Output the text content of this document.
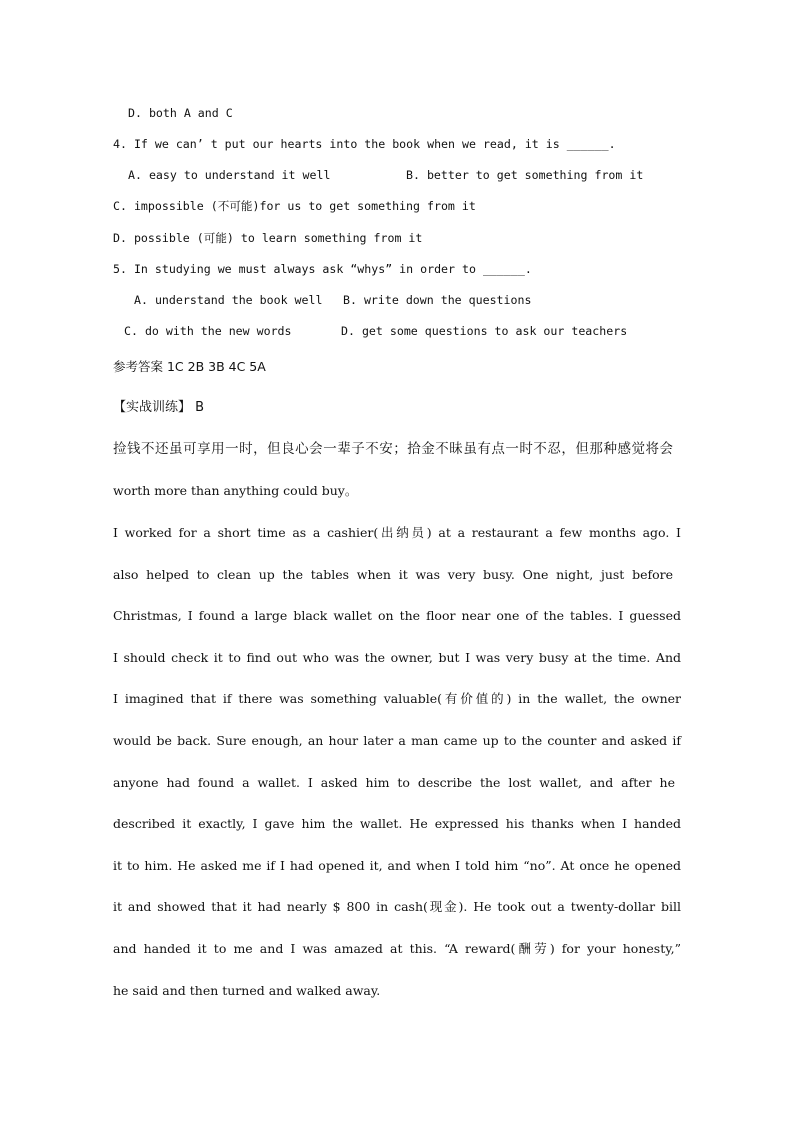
D. both A and C
4. If we can’ t put our hearts into the book when we read, it is ______.
A. easy to understand it well	B. better to get something from it
C. impossible (不可能)for us to get something from it
D. possible (可能) to learn something from it
5. In studying we must always ask “whys” in order to ______.
A. understand the book well B. write down the questions
C. do with the new words	D. get some questions to ask our teachers
参考答案 1C 2B 3B 4C 5A
【实战训练】 B
捡钱不还虽可享用一时，但良心会一辈子不安；拾金不昧虽有点一时不忍，但那种感觉将会
worth more than anything could buy。
I worked for a short time as a cashier(出纳员) at a restaurant a few months ago. I
also helped to clean up the tables when it was very busy. One night, just before
Christmas, I found a large black wallet on the floor near one of the tables. I guessed
I should check it to find out who was the owner, but I was very busy at the time. And
I imagined that if there was something valuable(有价值的) in the wallet, the owner
would be back. Sure enough, an hour later a man came up to the counter and asked if
anyone had found a wallet. I asked him to describe the lost wallet, and after he
described it exactly, I gave him the wallet. He expressed his thanks when I handed
it to him. He asked me if I had opened it, and when I told him “no”. At once he opened
it and showed that it had nearly $ 800 in cash(现金). He took out a twenty-dollar bill
and handed it to me and I was amazed at this. “A reward(酬劳) for your honesty,”
he said and then turned and walked away.
